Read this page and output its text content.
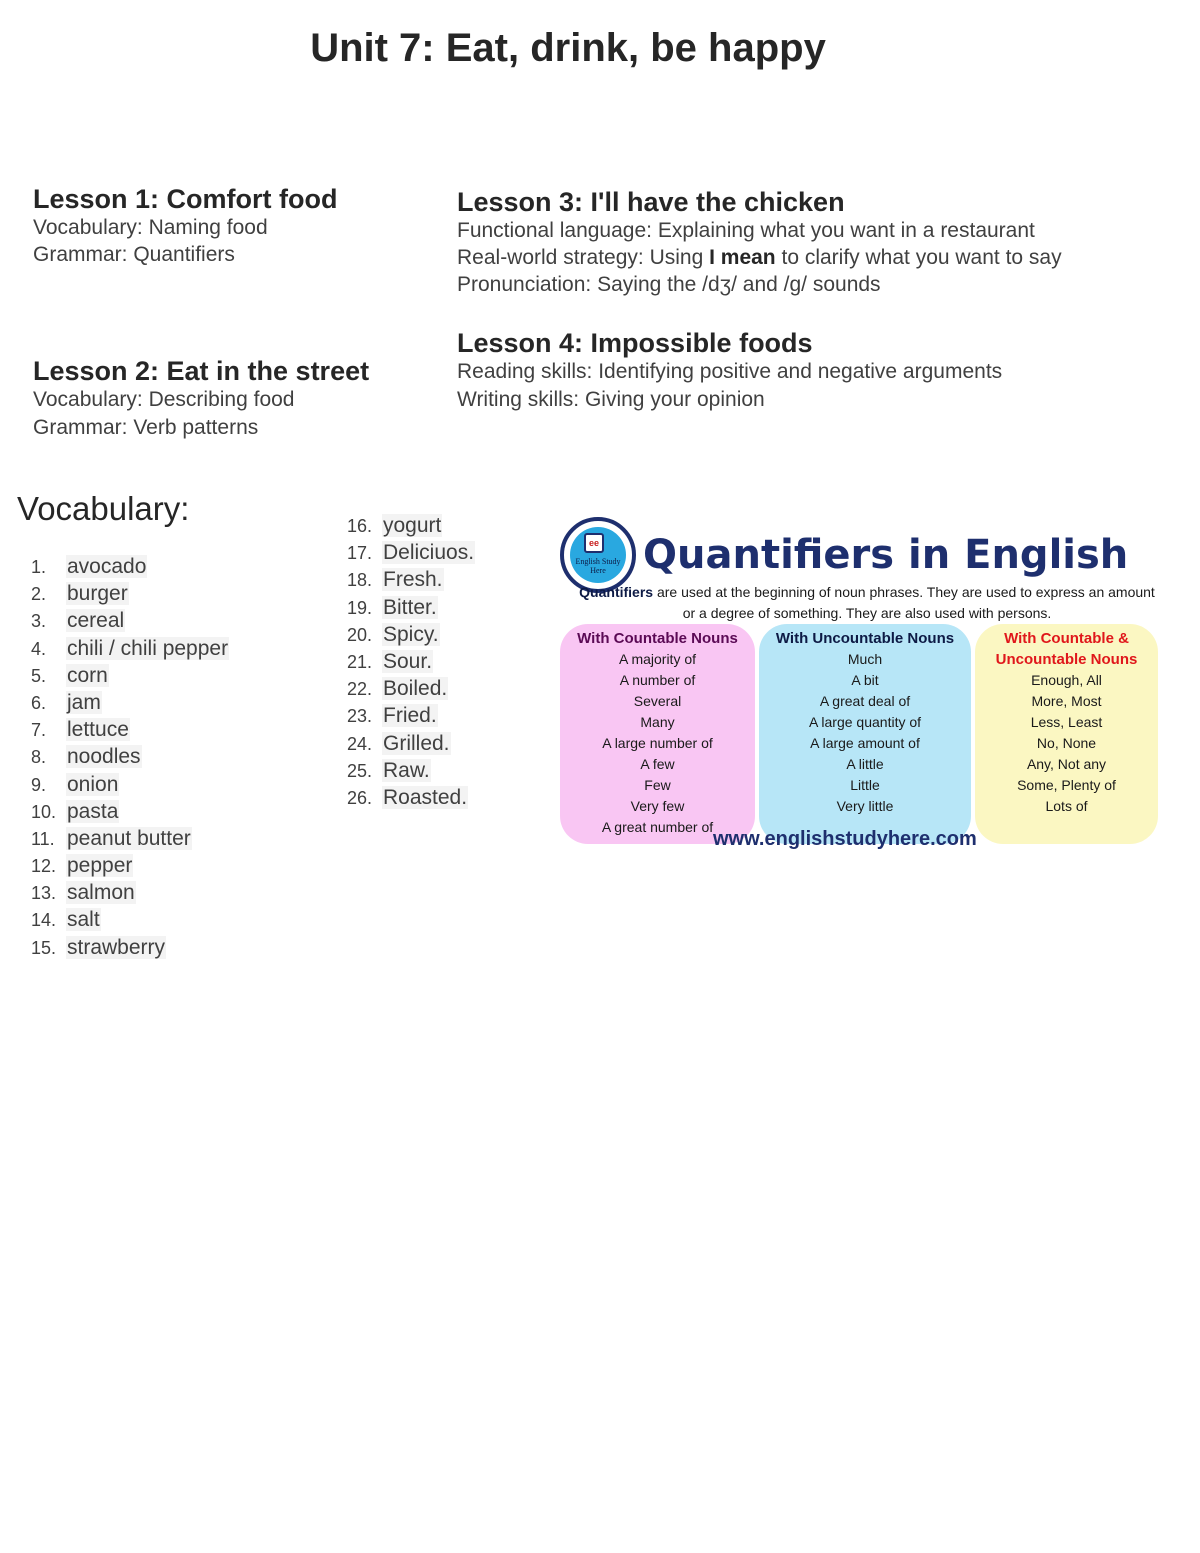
Unit 7: Eat, drink, be happy
Lesson 1: Comfort food
Vocabulary: Naming food
Grammar: Quantifiers
Lesson 2: Eat in the street
Vocabulary: Describing food
Grammar: Verb patterns
Lesson 3: I'll have the chicken
Functional language: Explaining what you want in a restaurant
Real-world strategy: Using I mean to clarify what you want to say
Pronunciation: Saying the /dʒ/ and /g/ sounds
Lesson 4: Impossible foods
Reading skills: Identifying positive and negative arguments
Writing skills: Giving your opinion
Vocabulary:
1. avocado
2. burger
3. cereal
4. chili / chili pepper
5. corn
6. jam
7. lettuce
8. noodles
9. onion
10. pasta
11. peanut butter
12. pepper
13. salmon
14. salt
15. strawberry
16. yogurt
17. Deliciuos.
18. Fresh.
19. Bitter.
20. Spicy.
21. Sour.
22. Boiled.
23. Fried.
24. Grilled.
25. Raw.
26. Roasted.
ee
English Study Here Quantifiers in English
Quantifiers are used at the beginning of noun phrases. They are used to express an amount or a degree of something. They are also used with persons.
With Countable Nouns
A majority of
A number of
Several
Many
A large number of
A few
Few
Very few
A great number of
With Uncountable Nouns
Much
A bit
A great deal of
A large quantity of
A large amount of
A little
Little
Very little
With Countable & Uncountable Nouns
Enough, All
More, Most
Less, Least
No, None
Any, Not any
Some, Plenty of
Lots of
www.englishstudyhere.com
